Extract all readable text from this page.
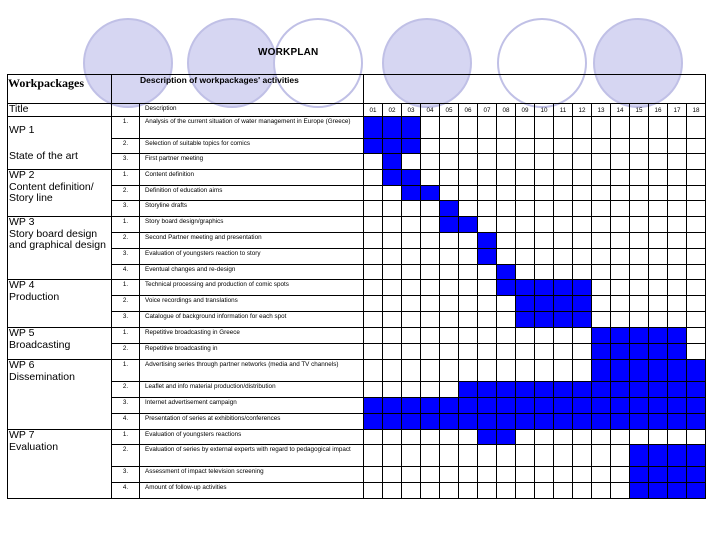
WORKPLAN
Workpackages	Description of workpackages' activities																			
Title		Description	01	02	03	04	05	06	07	08	09	10	11	12	13	14	15	16	17	18

WP 1
State of the art	1.	Analysis of the current situation of water management in Europe (Greece)																		
	2.	Selection of suitable topics for comics																		
	3.	First partner meeting																		

WP 2
Content definition/ Story line	1.	Content definition																		
	2.	Definition of education aims																		
	3.	Storyline drafts																		

WP 3
Story board design and graphical design	1.	Story board design/graphics																		
	2.	Second Partner meeting and presentation																		
	3.	Evaluation of youngsters reaction to story																		
	4.	Eventual changes and re-design																		

WP 4
Production	1.	Technical processing and production of comic spots																		
	2.	Voice recordings and translations																		
	3.	Catalogue of background information for each spot																		

WP 5
Broadcasting	1.	Repetitive broadcasting in Greece																		
	2.	Repetitive broadcasting in																		

WP 6
Dissemination	1.	Advertising series through partner networks (media and TV channels)																		
	2.	Leaflet and info material production/distribution																		
	3.	Internet advertisement campaign																		
	4.	Presentation of series at exhibitions/conferences																		

WP 7
Evaluation	1.	Evaluation of youngsters reactions																		
	2.	Evaluation of series by external experts with regard to pedagogical impact																		
	3.	Assessment of impact television screening																		
	4.	Amount of follow-up activities																		
